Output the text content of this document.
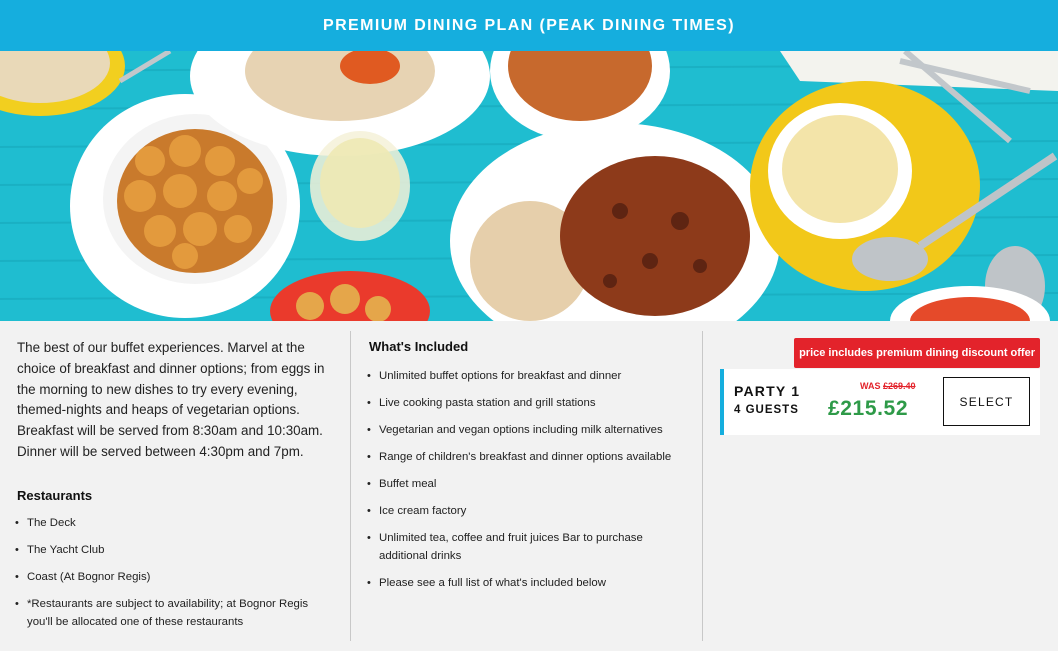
PREMIUM DINING PLAN (PEAK DINING TIMES)

The best of our buffet experiences. Marvel at the choice of breakfast and dinner options; from eggs in the morning to new dishes to try every evening, themed-nights and heaps of vegetarian options. Breakfast will be served from 8:30am and 10:30am. Dinner will be served between 4:30pm and 7pm.

Restaurants
• The Deck
• The Yacht Club
• Coast (At Bognor Regis)
• *Restaurants are subject to availability; at Bognor Regis you'll be allocated one of these restaurants
What's Included
• Unlimited buffet options for breakfast and dinner
• Live cooking pasta station and grill stations
• Vegetarian and vegan options including milk alternatives
• Range of children's breakfast and dinner options available
• Buffet meal
• Ice cream factory
• Unlimited tea, coffee and fruit juices Bar to purchase additional drinks
• Please see a full list of what's included below
price includes premium dining discount offer
PARTY 1
4 GUESTS
WAS £269.40
£215.52	SELECT
